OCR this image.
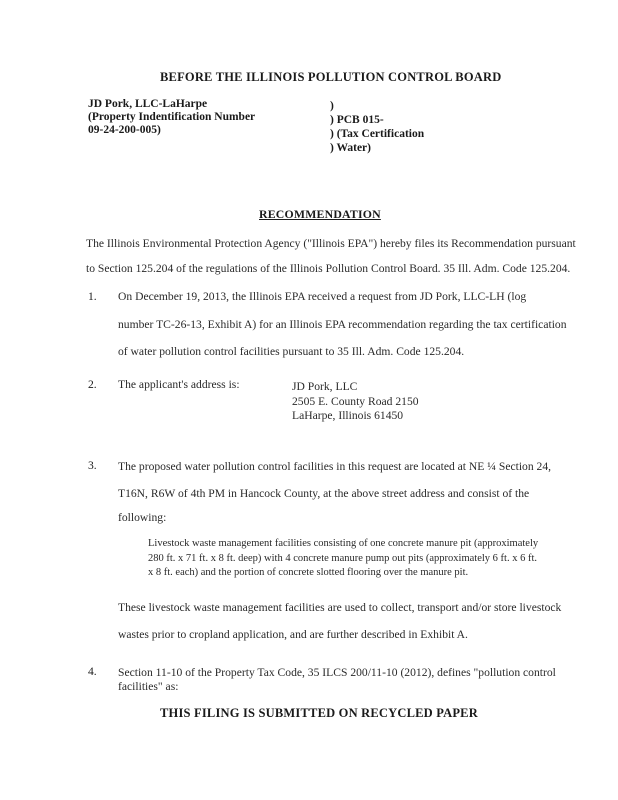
BEFORE THE ILLINOIS POLLUTION CONTROL BOARD
JD Pork, LLC-LaHarpe
(Property Indentification Number
09-24-200-005)
)
) PCB 015-
) (Tax Certification
) Water)
RECOMMENDATION
The Illinois Environmental Protection Agency ("Illinois EPA") hereby files its Recommendation pursuant
to Section 125.204 of the regulations of the Illinois Pollution Control Board. 35 Ill. Adm. Code 125.204.
1. On December 19, 2013, the Illinois EPA received a request from JD Pork, LLC-LH (log
number TC-26-13, Exhibit A) for an Illinois EPA recommendation regarding the tax certification
of water pollution control facilities pursuant to 35 Ill. Adm. Code 125.204.
2. The applicant's address is:	JD Pork, LLC
2505 E. County Road 2150
LaHarpe, Illinois 61450
3. The proposed water pollution control facilities in this request are located at NE ¼ Section 24,
T16N, R6W of 4th PM in Hancock County, at the above street address and consist of the
following:
Livestock waste management facilities consisting of one concrete manure pit (approximately
280 ft. x 71 ft. x 8 ft. deep) with 4 concrete manure pump out pits (approximately 6 ft. x 6 ft.
x 8 ft. each) and the portion of concrete slotted flooring over the manure pit.
These livestock waste management facilities are used to collect, transport and/or store livestock
wastes prior to cropland application, and are further described in Exhibit A.
4. Section 11-10 of the Property Tax Code, 35 ILCS 200/11-10 (2012), defines "pollution control
facilities" as:
THIS FILING IS SUBMITTED ON RECYCLED PAPER
